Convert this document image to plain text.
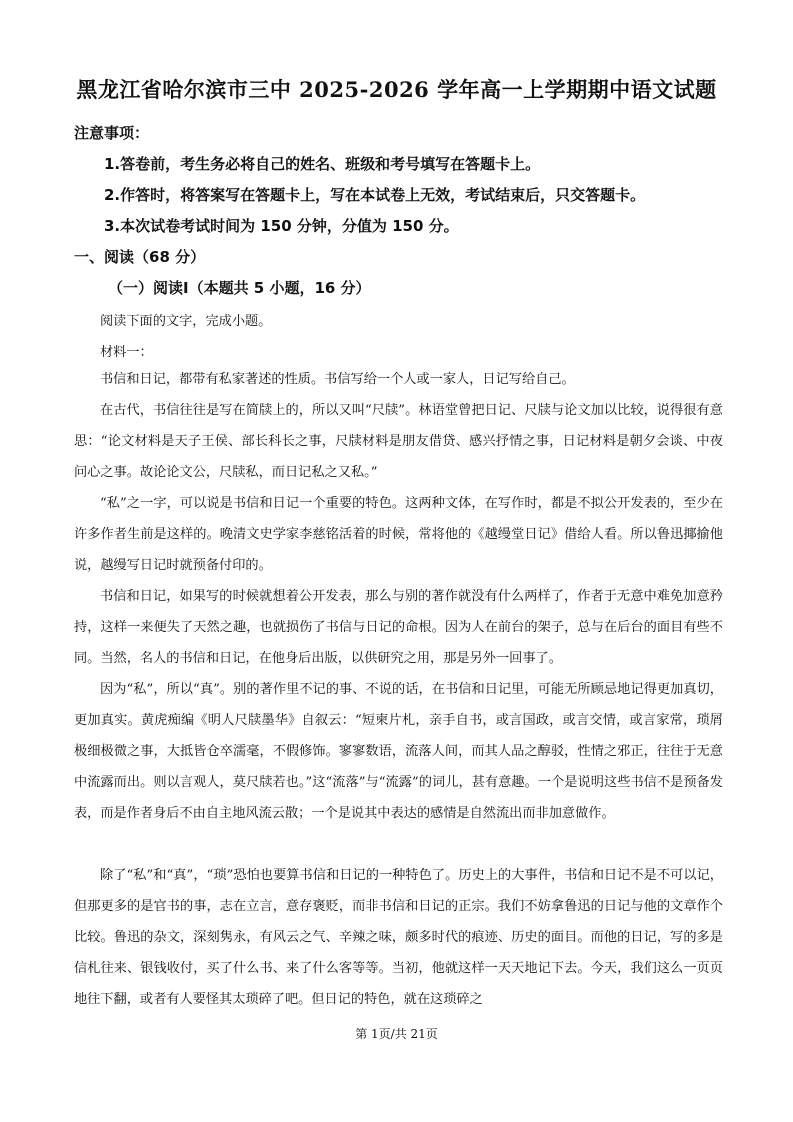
黑龙江省哈尔滨市三中 2025-2026 学年高一上学期期中语文试题
注意事项：
1.答卷前，考生务必将自己的姓名、班级和考号填写在答题卡上。
2.作答时，将答案写在答题卡上，写在本试卷上无效，考试结束后，只交答题卡。
3.本次试卷考试时间为 150 分钟，分值为 150 分。
一、阅读（68 分）
（一）阅读Ⅰ（本题共 5 小题，16 分）
阅读下面的文字，完成小题。
材料一：

书信和日记，都带有私家著述的性质。书信写给一个人或一家人，日记写给自己。

在古代，书信往往是写在简牍上的，所以又叫“尺牍”。林语堂曾把日记、尺牍与论文加以比较，说得很有意思：“论文材料是天子王侯、部长科长之事，尺牍材料是朋友借贷、感兴抒情之事，日记材料是朝夕会谈、中夜问心之事。故论论文公，尺牍私，而日记私之又私。”

“私”之一字，可以说是书信和日记一个重要的特色。这两种文体，在写作时，都是不拟公开发表的，至少在许多作者生前是这样的。晚清文史学家李慈铭活着的时候，常将他的《越缦堂日记》借给人看。所以鲁迅揶揄他说，越缦写日记时就预备付印的。

书信和日记，如果写的时候就想着公开发表，那么与别的著作就没有什么两样了，作者于无意中难免加意矜持，这样一来便失了天然之趣，也就损伤了书信与日记的命根。因为人在前台的架子，总与在后台的面目有些不同。当然，名人的书信和日记，在他身后出版，以供研究之用，那是另外一回事了。

因为“私”，所以“真”。别的著作里不记的事、不说的话，在书信和日记里，可能无所顾忌地记得更加真切，更加真实。黄虎痴编《明人尺牍墨华》自叙云：“短柬片札，亲手自书，或言国政，或言交情，或言家常，琐屑极细极微之事，大抵皆仓卒濡毫，不假修饰。寥寥数语，流落人间，而其人品之醇驳，性情之邪正，往往于无意中流露而出。则以言观人，莫尺牍若也。”这“流落”与“流露”的词儿，甚有意趣。一个是说明这些书信不是预备发表，而是作者身后不由自主地风流云散；一个是说其中表达的感情是自然流出而非加意做作。

除了“私”和“真”，“琐”恐怕也要算书信和日记的一种特色了。历史上的大事件，书信和日记不是不可以记，但那更多的是官书的事，志在立言，意存褒贬，而非书信和日记的正宗。我们不妨拿鲁迅的日记与他的文章作个比较。鲁迅的杂文，深刻隽永，有风云之气、辛辣之味，颇多时代的痕迹、历史的面目。而他的日记，写的多是信札往来、银钱收付，买了什么书、来了什么客等等。当初，他就这样一天天地记下去。今天，我们这么一页页地往下翻，或者有人要怪其太琐碎了吧。但日记的特色，就在这琐碎之

第 1页/共 21页
